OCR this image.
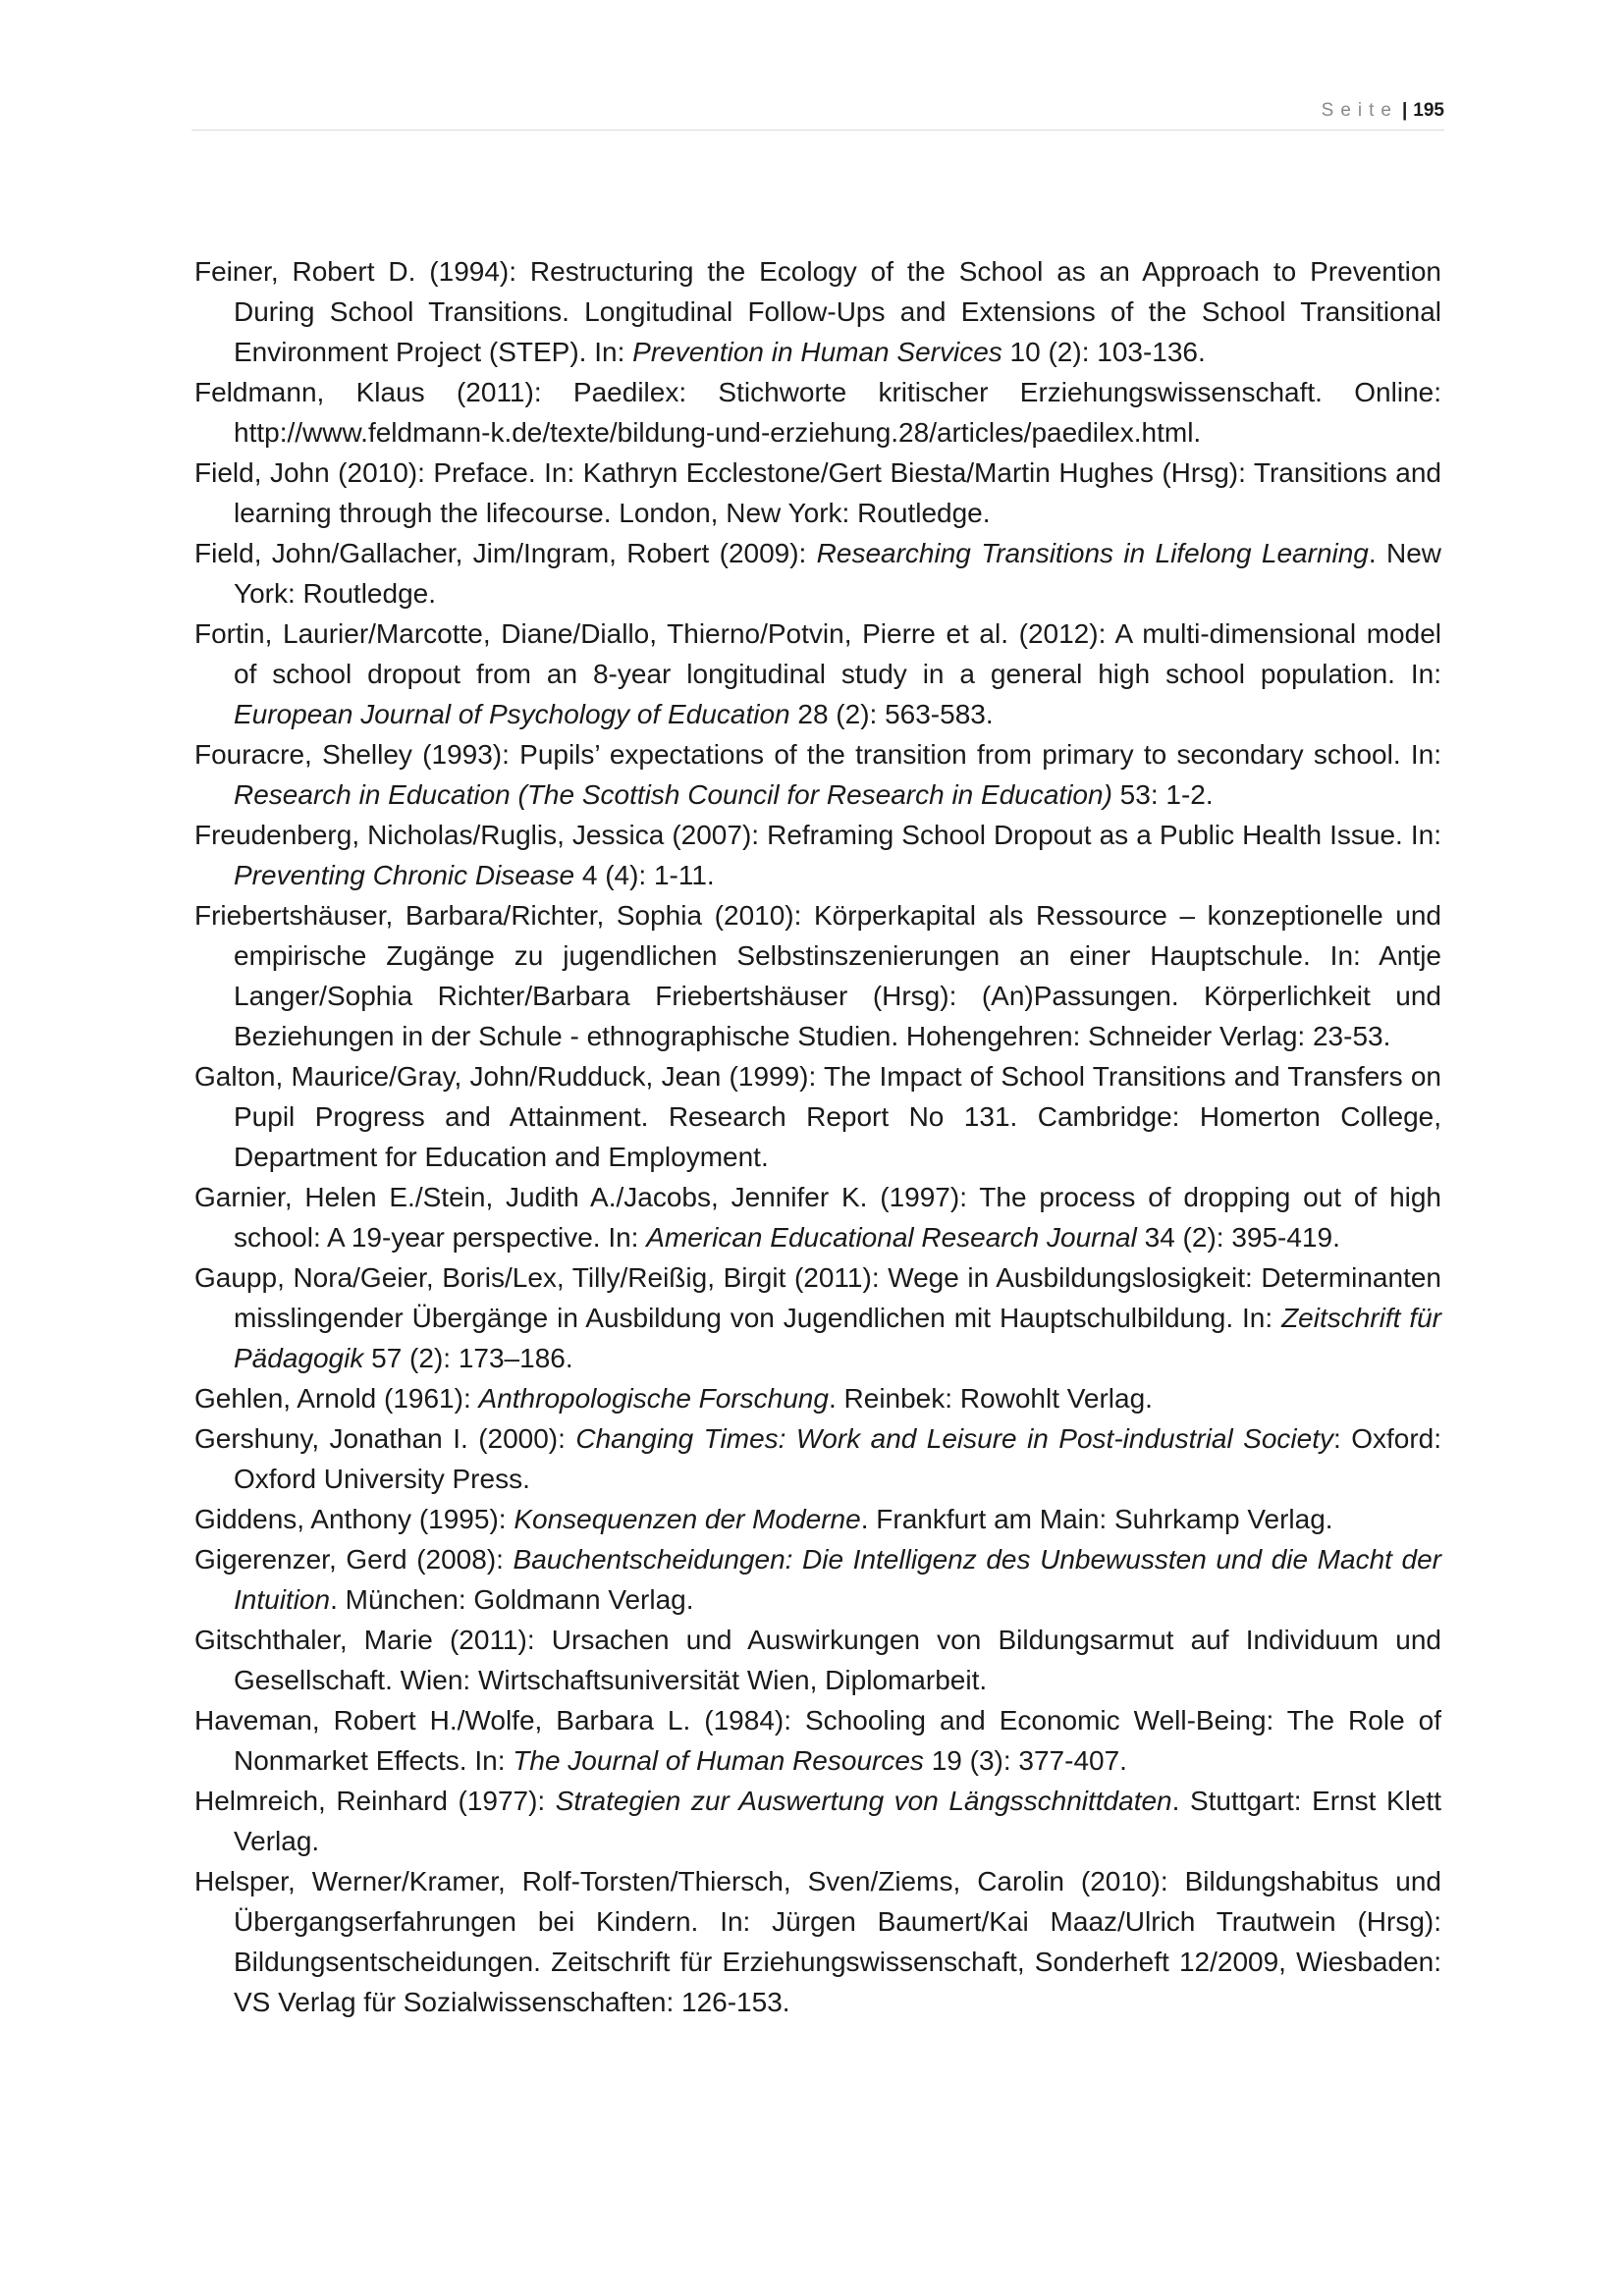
Seite | 195
Feiner, Robert D. (1994): Restructuring the Ecology of the School as an Approach to Prevention During School Transitions. Longitudinal Follow-Ups and Extensions of the School Transitional Environment Project (STEP). In: Prevention in Human Services 10 (2): 103-136.
Feldmann, Klaus (2011): Paedilex: Stichworte kritischer Erziehungswissenschaft. Online: http://www.feldmann-k.de/texte/bildung-und-erziehung.28/articles/paedilex.html.
Field, John (2010): Preface. In: Kathryn Ecclestone/Gert Biesta/Martin Hughes (Hrsg): Transitions and learning through the lifecourse. London, New York: Routledge.
Field, John/Gallacher, Jim/Ingram, Robert (2009): Researching Transitions in Lifelong Learning. New York: Routledge.
Fortin, Laurier/Marcotte, Diane/Diallo, Thierno/Potvin, Pierre et al. (2012): A multi-dimensional model of school dropout from an 8-year longitudinal study in a general high school population. In: European Journal of Psychology of Education 28 (2): 563-583.
Fouracre, Shelley (1993): Pupils’ expectations of the transition from primary to secondary school. In: Research in Education (The Scottish Council for Research in Education) 53: 1-2.
Freudenberg, Nicholas/Ruglis, Jessica (2007): Reframing School Dropout as a Public Health Issue. In: Preventing Chronic Disease 4 (4): 1-11.
Friebertshäuser, Barbara/Richter, Sophia (2010): Körperkapital als Ressource – konzeptionelle und empirische Zugänge zu jugendlichen Selbstinszenierungen an einer Hauptschule. In: Antje Langer/Sophia Richter/Barbara Friebertshäuser (Hrsg): (An)Passungen. Körperlichkeit und Beziehungen in der Schule - ethnographische Studien. Hohengehren: Schneider Verlag: 23-53.
Galton, Maurice/Gray, John/Rudduck, Jean (1999): The Impact of School Transitions and Transfers on Pupil Progress and Attainment. Research Report No 131. Cambridge: Homerton College, Department for Education and Employment.
Garnier, Helen E./Stein, Judith A./Jacobs, Jennifer K. (1997): The process of dropping out of high school: A 19-year perspective. In: American Educational Research Journal 34 (2): 395-419.
Gaupp, Nora/Geier, Boris/Lex, Tilly/Reißig, Birgit (2011): Wege in Ausbildungslosigkeit: Determinanten misslingender Übergänge in Ausbildung von Jugendlichen mit Hauptschulbildung. In: Zeitschrift für Pädagogik 57 (2): 173–186.
Gehlen, Arnold (1961): Anthropologische Forschung. Reinbek: Rowohlt Verlag.
Gershuny, Jonathan I. (2000): Changing Times: Work and Leisure in Post-industrial Society: Oxford: Oxford University Press.
Giddens, Anthony (1995): Konsequenzen der Moderne. Frankfurt am Main: Suhrkamp Verlag.
Gigerenzer, Gerd (2008): Bauchentscheidungen: Die Intelligenz des Unbewussten und die Macht der Intuition. München: Goldmann Verlag.
Gitschthaler, Marie (2011): Ursachen und Auswirkungen von Bildungsarmut auf Individuum und Gesellschaft. Wien: Wirtschaftsuniversität Wien, Diplomarbeit.
Haveman, Robert H./Wolfe, Barbara L. (1984): Schooling and Economic Well-Being: The Role of Nonmarket Effects. In: The Journal of Human Resources 19 (3): 377-407.
Helmreich, Reinhard (1977): Strategien zur Auswertung von Längsschnittdaten. Stuttgart: Ernst Klett Verlag.
Helsper, Werner/Kramer, Rolf-Torsten/Thiersch, Sven/Ziems, Carolin (2010): Bildungshabitus und Übergangserfahrungen bei Kindern. In: Jürgen Baumert/Kai Maaz/Ulrich Trautwein (Hrsg): Bildungsentscheidungen. Zeitschrift für Erziehungswissenschaft, Sonderheft 12/2009, Wiesbaden: VS Verlag für Sozialwissenschaften: 126-153.
